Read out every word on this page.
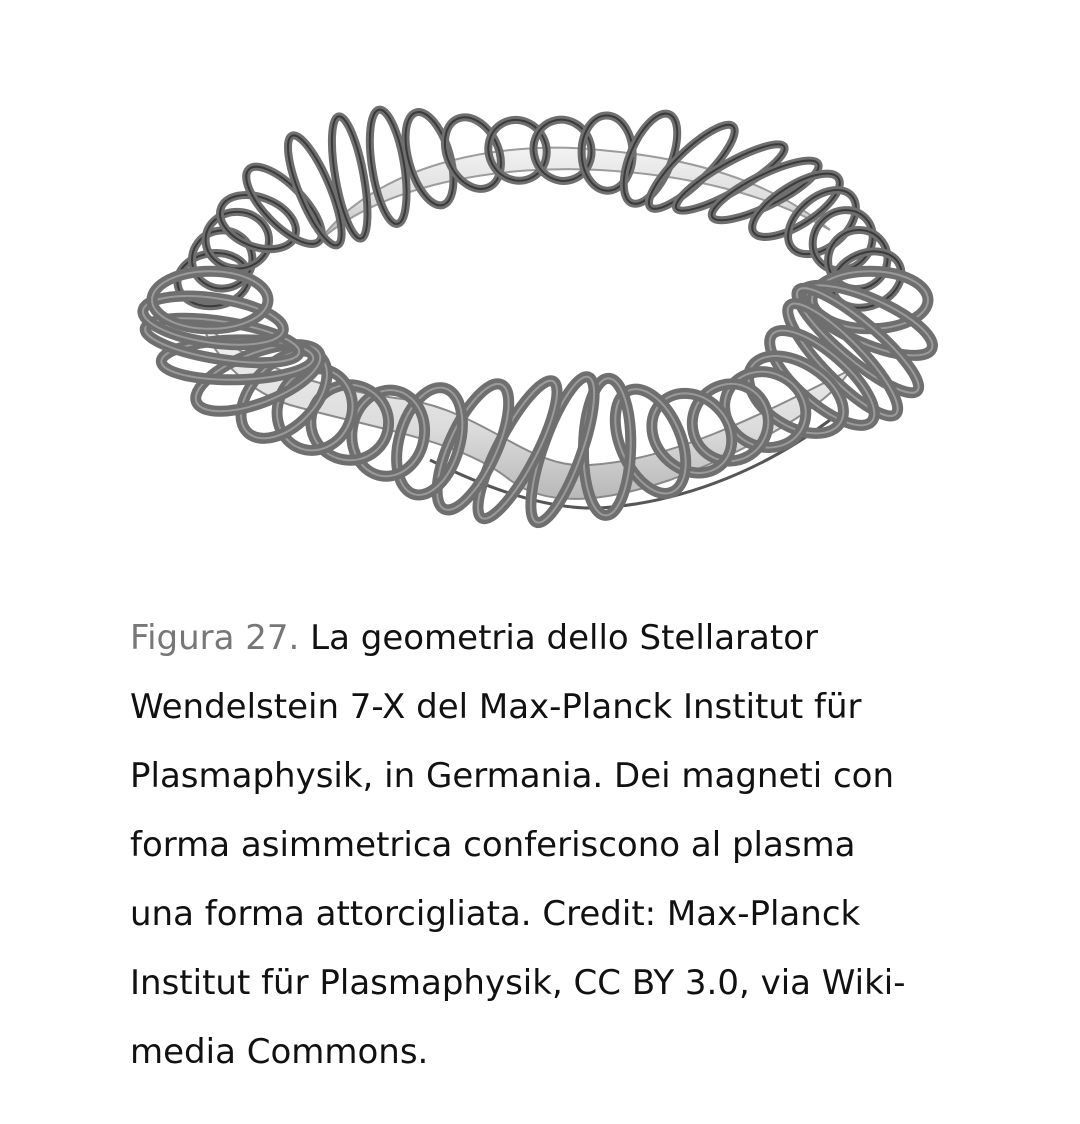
Figura 27. La geometria dello Stellarator
Wendelstein 7-X del Max-Planck Institut für
Plasmaphysik, in Germania. Dei magneti con
forma asimmetrica conferiscono al plasma
una forma attorcigliata. Credit: Max-Planck
Institut für Plasmaphysik, CC BY 3.0, via Wiki-
media Commons.
